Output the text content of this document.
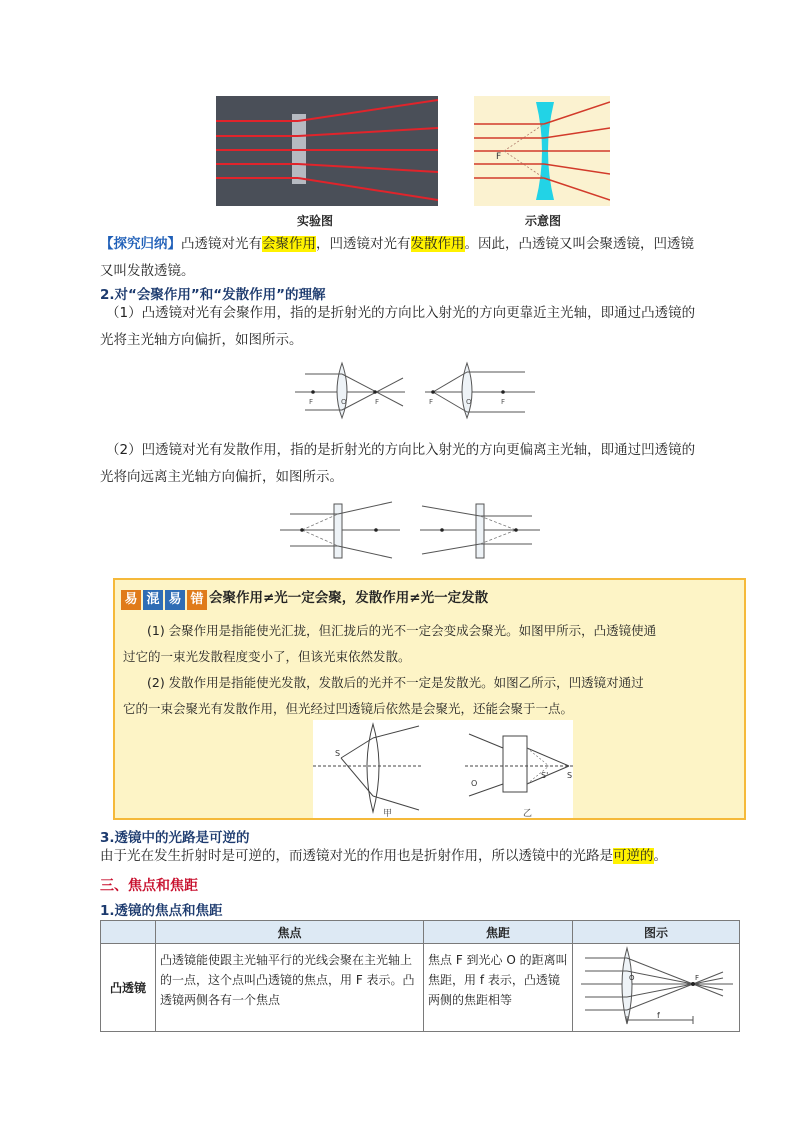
F
实验图	示意图
【探究归纳】凸透镜对光有会聚作用，凹透镜对光有发散作用。因此，凸透镜又叫会聚透镜，凹透镜
又叫发散透镜。
2.对“会聚作用”和“发散作用”的理解
（1）凸透镜对光有会聚作用，指的是折射光的方向比入射光的方向更靠近主光轴，即通过凸透镜的
光将主光轴方向偏折，如图所示。
F	O	F	F	O	F
（2）凹透镜对光有发散作用，指的是折射光的方向比入射光的方向更偏离主光轴，即通过凹透镜的
光将向远离主光轴方向偏折，如图所示。
易 混 易 错 $^{会聚作用\ne 光一定会聚,发散作用\ne 光一定发散}$
(1) 会聚作用是指能使光汇拢，但汇拢后的光不一定会变成会聚光。如图甲所示，凸透镜使通
过它的一束光发散程度变小了，但该光束依然发散。
(2) 发散作用是指能使光发散，发散后的光并不一定是发散光。如图乙所示，凹透镜对通过
它的一束会聚光有发散作用，但光经过凹透镜后依然是会聚光，还能会聚于一点。
S
O
S' S
甲	乙
3.透镜中的光路是可逆的
由于光在发生折射时是可逆的，而透镜对光的作用也是折射作用，所以透镜中的光路是可逆的。
三、焦点和焦距
1.透镜的焦点和焦距
	焦点	焦距	图示
凸透镜	凸透镜能使跟主光轴平行的光线会聚在主光轴上的一点，这个点叫凸透镜的焦点，用 F 表示。凸透镜两侧各有一个焦点	焦点 F 到光心 O 的距离叫焦距，用 f 表示，凸透镜两侧的焦距相等	f
F
O
